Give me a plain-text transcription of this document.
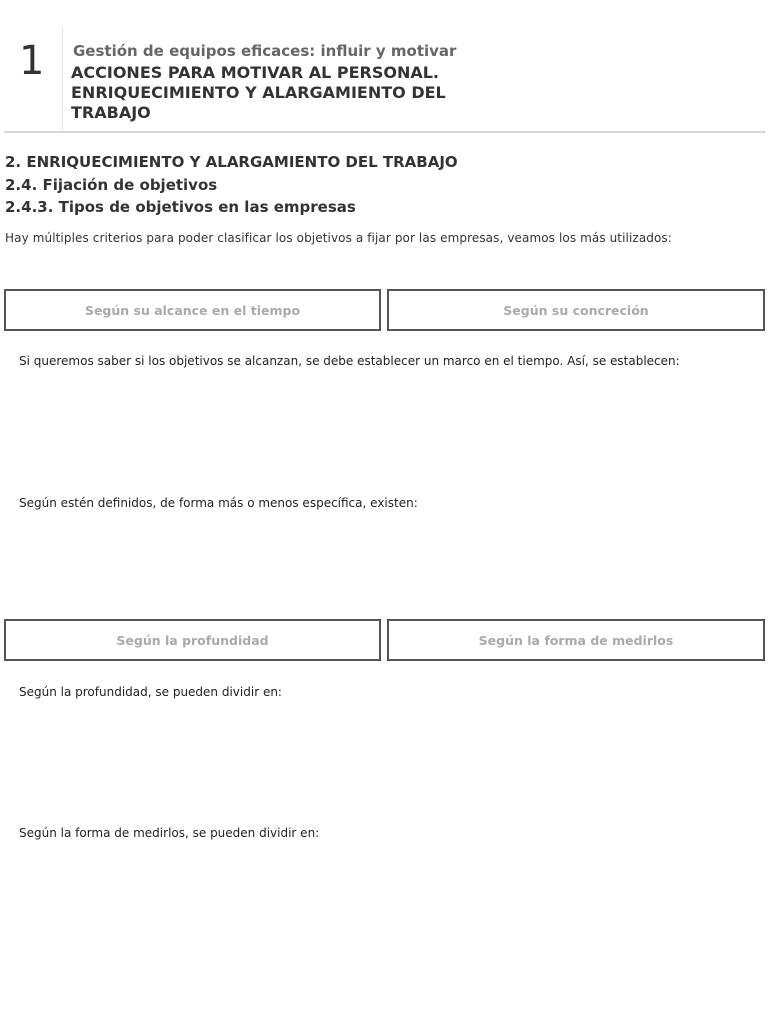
1 Gestión de equipos eficaces: influir y motivar
ACCIONES PARA MOTIVAR AL PERSONAL. ENRIQUECIMIENTO Y ALARGAMIENTO DEL TRABAJO
2. ENRIQUECIMIENTO Y ALARGAMIENTO DEL TRABAJO
2.4. Fijación de objetivos
2.4.3. Tipos de objetivos en las empresas
Hay múltiples criterios para poder clasificar los objetivos a fijar por las empresas, veamos los más utilizados:
Según su alcance en el tiempo	Según su concreción
Si queremos saber si los objetivos se alcanzan, se debe establecer un marco en el tiempo. Así, se establecen:
Según estén definidos, de forma más o menos específica, existen:
Según la profundidad	Según la forma de medirlos
Según la profundidad, se pueden dividir en:
Según la forma de medirlos, se pueden dividir en:
